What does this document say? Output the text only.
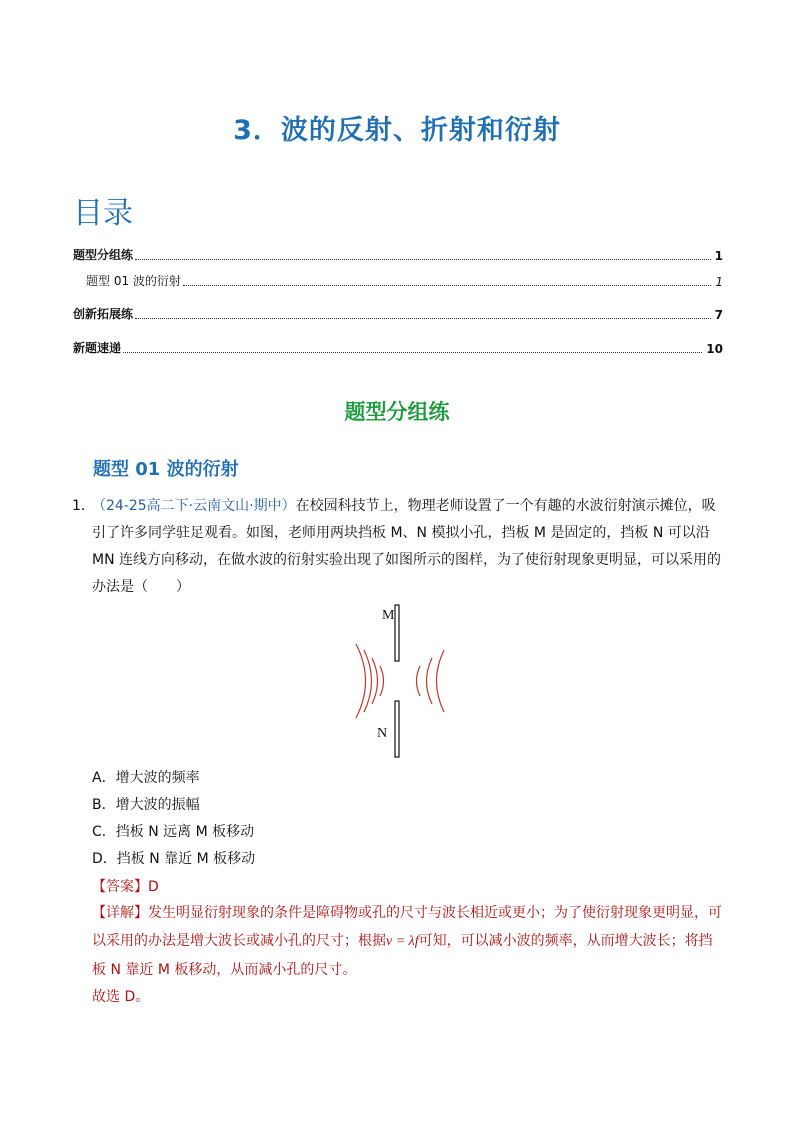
3．波的反射、折射和衍射
目录
题型分组练	1
题型 01 波的衍射	1
创新拓展练	7
新题速递	10
题型分组练
题型 01 波的衍射
1．

（24-25高二下·云南文山·期中）在校园科技节上，物理老师设置了一个有趣的水波衍射演示摊位，吸引了许多同学驻足观看。如图，老师用两块挡板 M、N 模拟小孔，挡板 M 是固定的，挡板 N 可以沿MN 连线方向移动，在做水波的衍射实验出现了如图所示的图样，为了使衍射现象更明显，可以采用的办法是（　　）

M
N
A．增大波的频率
B．增大波的振幅
C．挡板 N 远离 M 板移动
D．挡板 N 靠近 M 板移动
【答案】D

【详解】发生明显衍射现象的条件是障碍物或孔的尺寸与波长相近或更小；为了使衍射现象更明显，可以采用的办法是增大波长或减小孔的尺寸；根据v = λf可知，可以减小波的频率，从而增大波长；将挡板 N 靠近 M 板移动，从而减小孔的尺寸。

故选 D。
